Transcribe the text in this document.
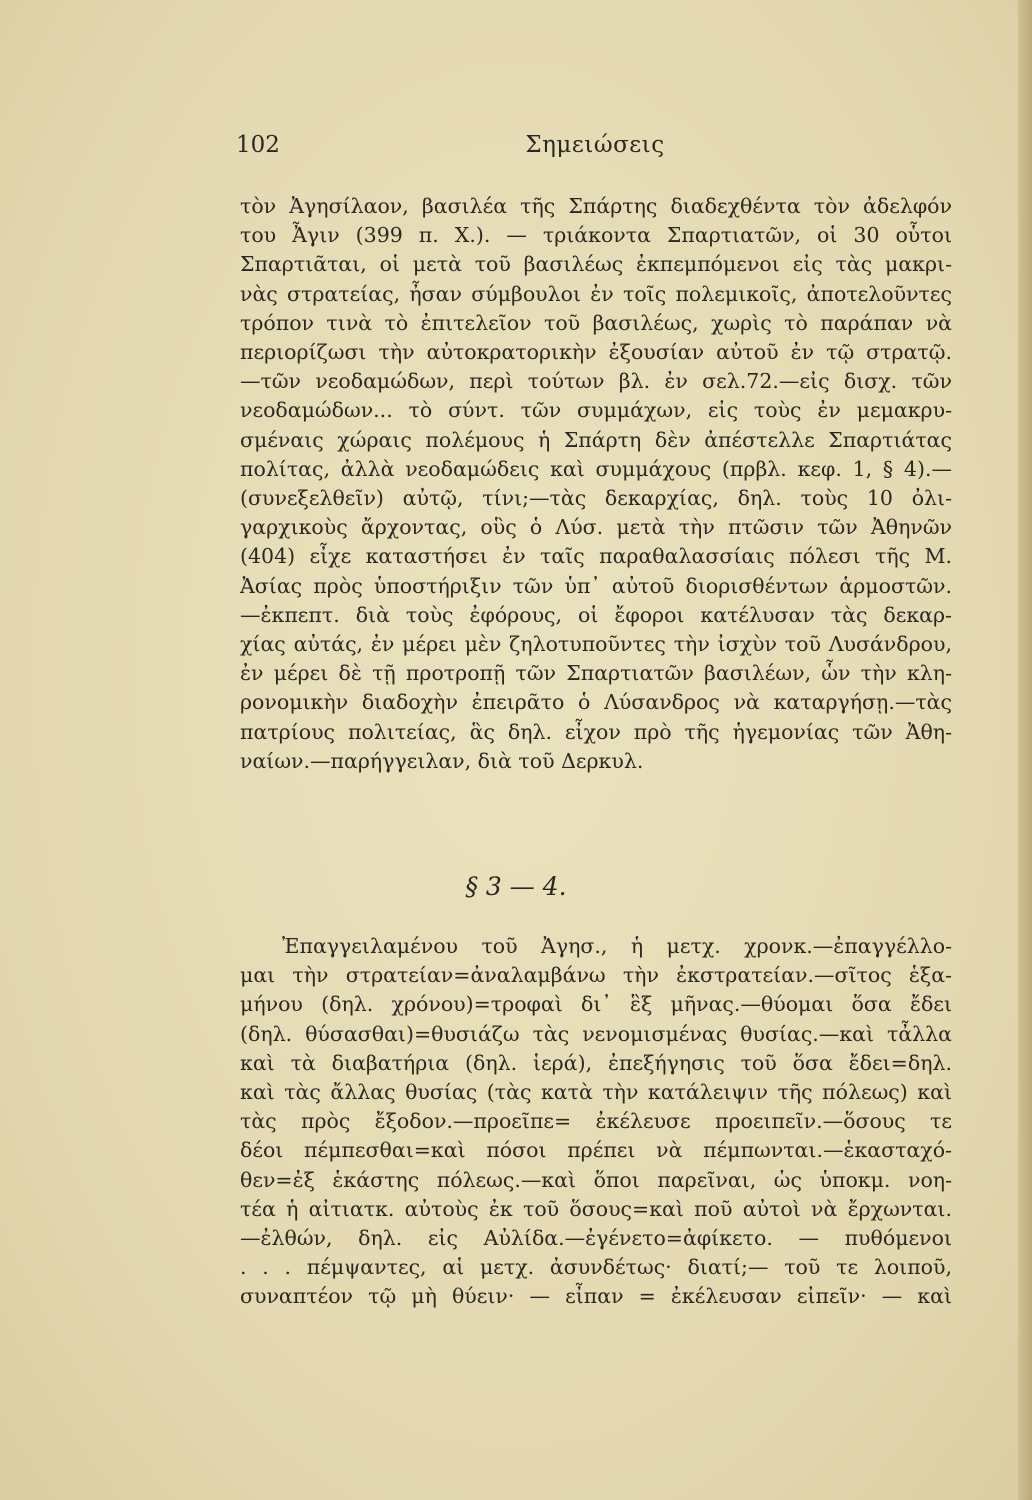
102	Σημειώσεις
τὸν Ἀγησίλαον, βασιλέα τῆς Σπάρτης διαδεχθέντα τὸν ἀδελφόν
του Ἆγιν (399 π. Χ.). — τριάκοντα Σπαρτιατῶν, οἱ 30 οὗτοι
Σπαρτιᾶται, οἱ μετὰ τοῦ βασιλέως ἐκπεμπόμενοι εἰς τὰς μακρι-
νὰς στρατείας, ἦσαν σύμβουλοι ἐν τοῖς πολεμικοῖς, ἀποτελοῦντες
τρόπον τινὰ τὸ ἐπιτελεῖον τοῦ βασιλέως, χωρὶς τὸ παράπαν νὰ
περιορίζωσι τὴν αὐτοκρατορικὴν ἐξουσίαν αὐτοῦ ἐν τῷ στρατῷ.
—τῶν νεοδαμώδων, περὶ τούτων βλ. ἐν σελ.72.—εἰς δισχ. τῶν
νεοδαμώδων... τὸ σύντ. τῶν συμμάχων, εἰς τοὺς ἐν μεμακρυ-
σμέναις χώραις πολέμους ἡ Σπάρτη δὲν ἀπέστελλε Σπαρτιάτας
πολίτας, ἀλλὰ νεοδαμώδεις καὶ συμμάχους (πρβλ. κεφ. 1, § 4).—
(συνεξελθεῖν) αὐτῷ, τίνι;—τὰς δεκαρχίας, δηλ. τοὺς 10 ὀλι-
γαρχικοὺς ἄρχοντας, οὓς ὁ Λύσ. μετὰ τὴν πτῶσιν τῶν Ἀθηνῶν
(404) εἶχε καταστήσει ἐν ταῖς παραθαλασσίαις πόλεσι τῆς Μ.
Ἀσίας πρὸς ὑποστήριξιν τῶν ὑπ᾽ αὐτοῦ διορισθέντων ἁρμοστῶν.
—ἐκπεπτ. διὰ τοὺς ἐφόρους, οἱ ἔφοροι κατέλυσαν τὰς δεκαρ-
χίας αὐτάς, ἐν μέρει μὲν ζηλοτυποῦντες τὴν ἰσχὺν τοῦ Λυσάνδρου,
ἐν μέρει δὲ τῇ προτροπῇ τῶν Σπαρτιατῶν βασιλέων, ὧν τὴν κλη-
ρονομικὴν διαδοχὴν ἐπειρᾶτο ὁ Λύσανδρος νὰ καταργήσῃ.—τὰς
πατρίους πολιτείας, ἃς δηλ. εἶχον πρὸ τῆς ἡγεμονίας τῶν Ἀθη-
ναίων.—παρήγγειλαν, διὰ τοῦ Δερκυλ.
§ 3 — 4.
Ἐπαγγειλαμένου τοῦ Ἀγησ., ἡ μετχ. χρονκ.—ἐπαγγέλλο-
μαι τὴν στρατείαν=ἀναλαμβάνω τὴν ἐκστρατείαν.—σῖτος ἑξα-
μήνου (δηλ. χρόνου)=τροφαὶ δι᾽ ἓξ μῆνας.—θύομαι ὅσα ἔδει
(δηλ. θύσασθαι)=θυσιάζω τὰς νενομισμένας θυσίας.—καὶ τἆλλα
καὶ τὰ διαβατήρια (δηλ. ἱερά), ἐπεξήγησις τοῦ ὅσα ἔδει=δηλ.
καὶ τὰς ἄλλας θυσίας (τὰς κατὰ τὴν κατάλειψιν τῆς πόλεως) καὶ
τὰς πρὸς ἔξοδον.—προεῖπε= ἐκέλευσε προειπεῖν.—ὅσους τε
δέοι πέμπεσθαι=καὶ πόσοι πρέπει νὰ πέμπωνται.—ἑκασταχό-
θεν=ἐξ ἑκάστης πόλεως.—καὶ ὅποι παρεῖναι, ὡς ὑποκμ. νοη-
τέα ἡ αἰτιατκ. αὐτοὺς ἐκ τοῦ ὅσους=καὶ ποῦ αὐτοὶ νὰ ἔρχωνται.
—ἐλθών, δηλ. εἰς Αὐλίδα.—ἐγένετο=ἀφίκετο. — πυθόμενοι
. . . πέμψαντες, αἱ μετχ. ἀσυνδέτως· διατί;— τοῦ τε λοιποῦ,
συναπτέον τῷ μὴ θύειν· — εἶπαν = ἐκέλευσαν εἰπεῖν· — καὶ
